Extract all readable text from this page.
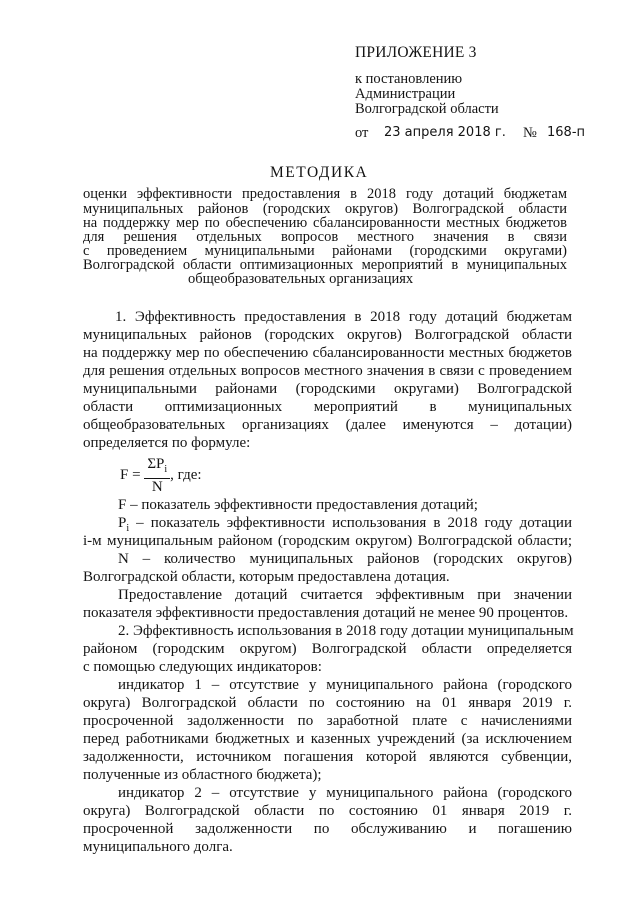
ПРИЛОЖЕНИЕ 3
к постановлению
Администрации
Волгоградской области
от 23 апреля 2018 г. № 168-п
МЕТОДИКА
оценки эффективности предоставления в 2018 году дотаций бюджетам
муниципальных районов (городских округов) Волгоградской области
на поддержку мер по обеспечению сбалансированности местных бюджетов
для решения отдельных вопросов местного значения в связи
с проведением муниципальными районами (городскими округами)
Волгоградской области оптимизационных мероприятий в муниципальных
общеобразовательных организациях
1. Эффективность предоставления в 2018 году дотаций бюджетам
муниципальных районов (городских округов) Волгоградской области
на поддержку мер по обеспечению сбалансированности местных бюджетов
для решения отдельных вопросов местного значения в связи с проведением
муниципальными районами (городскими округами) Волгоградской
области оптимизационных мероприятий в муниципальных
общеобразовательных организациях (далее именуются – дотации)
определяется по формуле:
$F = \frac{\Sigma P_i}{N}$ , где:
F – показатель эффективности предоставления дотаций;
$P_i$ – показатель эффективности использования в 2018 году дотации
i-м муниципальным районом (городским округом) Волгоградской области;
N – количество муниципальных районов (городских округов)
Волгоградской области, которым предоставлена дотация.
Предоставление дотаций считается эффективным при значении
показателя эффективности предоставления дотаций не менее 90 процентов.
2. Эффективность использования в 2018 году дотации муниципальным
районом (городским округом) Волгоградской области определяется
с помощью следующих индикаторов:
индикатор 1 – отсутствие у муниципального района (городского
округа) Волгоградской области по состоянию на 01 января 2019 г.
просроченной задолженности по заработной плате с начислениями
перед работниками бюджетных и казенных учреждений (за исключением
задолженности, источником погашения которой являются субвенции,
полученные из областного бюджета);
индикатор 2 – отсутствие у муниципального района (городского
округа) Волгоградской области по состоянию 01 января 2019 г.
просроченной задолженности по обслуживанию и погашению
муниципального долга.
